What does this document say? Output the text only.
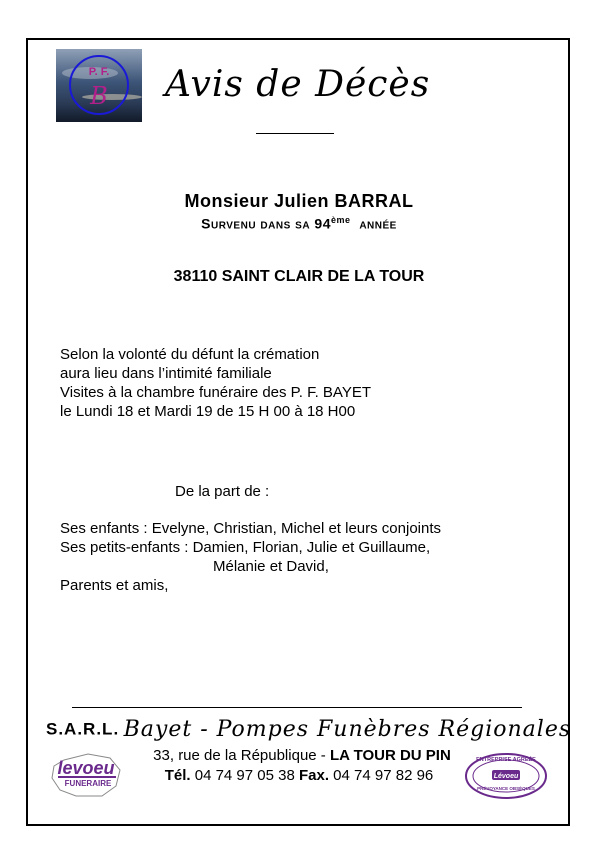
P. F.
B Avis de Décès
Monsieur Julien BARRAL
Survenu dans sa 94ème année
38110 SAINT CLAIR DE LA TOUR
Selon la volonté du défunt la crémation
aura lieu dans l’intimité familiale
Visites à la chambre funéraire des P. F. BAYET
le Lundi 18 et Mardi 19 de 15 H 00 à 18 H00
De la part de :
Ses enfants : Evelyne, Christian, Michel et leurs conjoints
Ses petits-enfants : Damien, Florian, Julie et Guillaume,
Mélanie et David,
Parents et amis,
S.A.R.L. Bayet - Pompes Funèbres Régionales
33, rue de la République - LA TOUR DU PIN
Tél. 04 74 97 05 38 Fax. 04 74 97 82 96
levoeu
FUNERAIRE
ENTREPRISE AGRÉÉE
Lévoeu
PRÉVOYANCE OBSÈQUES
